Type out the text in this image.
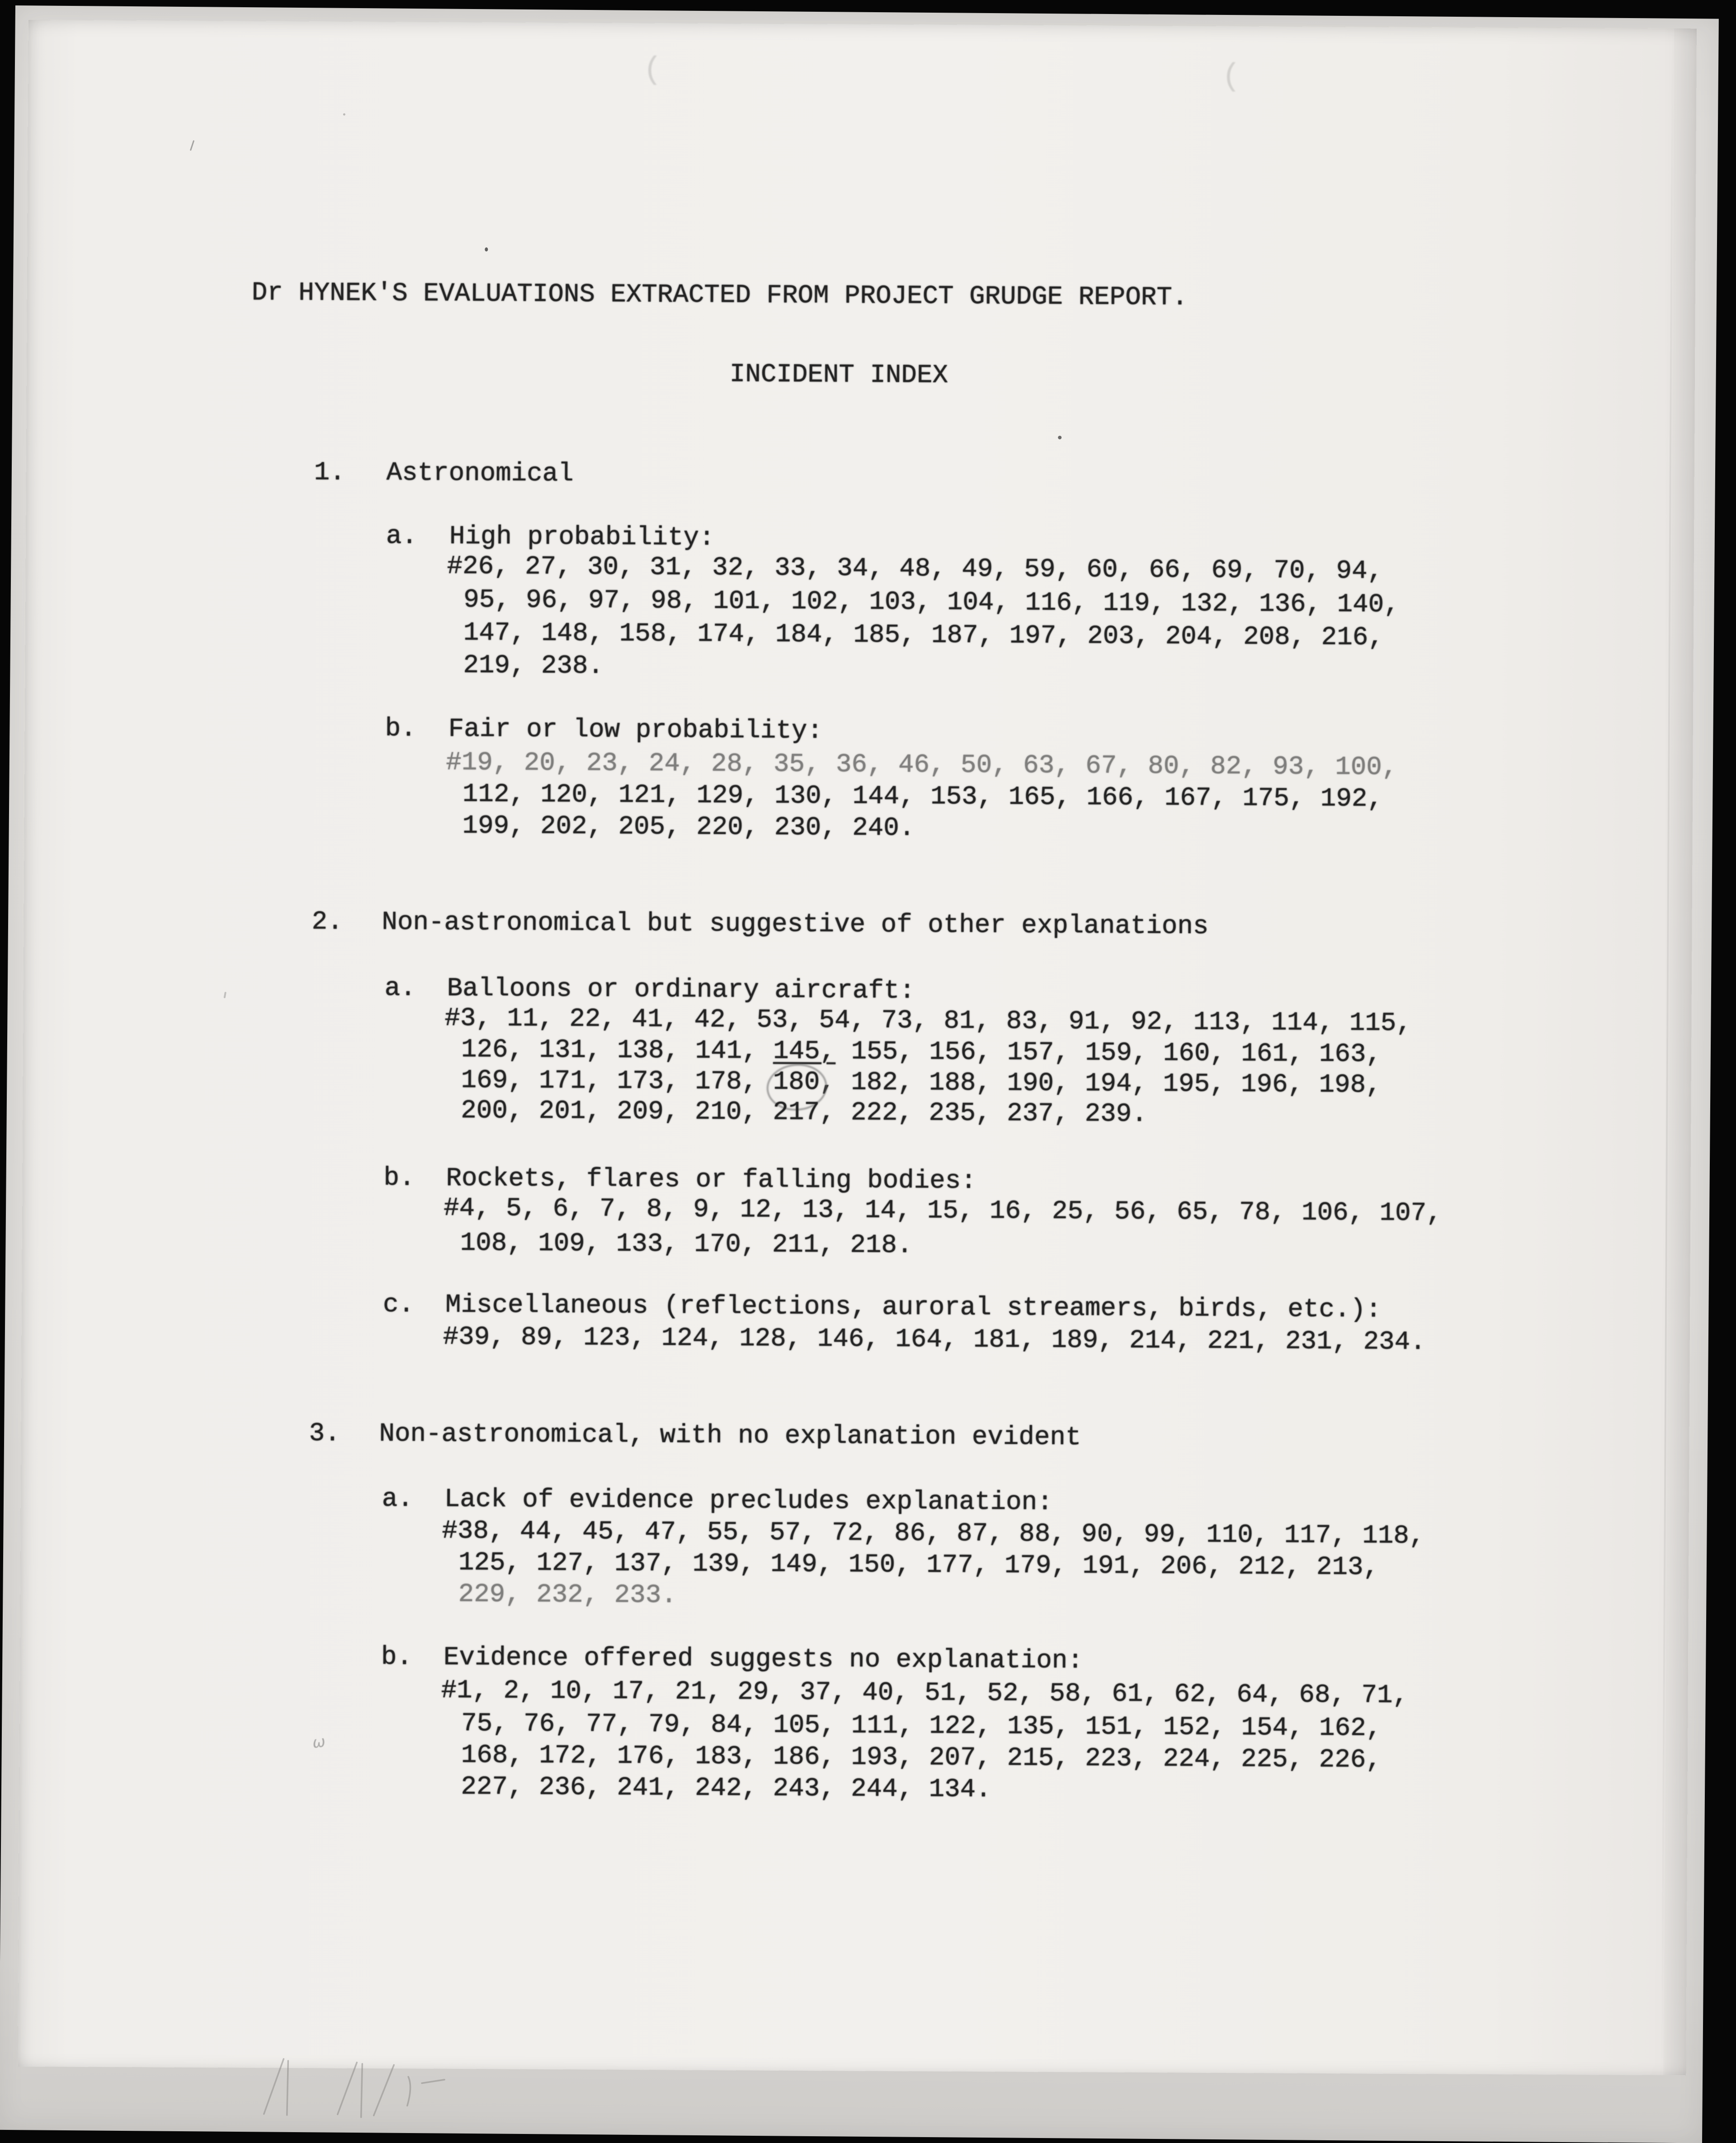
(	(
Dr HYNEK'S EVALUATIONS EXTRACTED FROM PROJECT GRUDGE REPORT.
INCIDENT INDEX
1. Astronomical
a. High probability:
#26, 27, 30, 31, 32, 33, 34, 48, 49, 59, 60, 66, 69, 70, 94,
95, 96, 97, 98, 101, 102, 103, 104, 116, 119, 132, 136, 140,
147, 148, 158, 174, 184, 185, 187, 197, 203, 204, 208, 216,
219, 238.
b. Fair or low probability:
#19, 20, 23, 24, 28, 35, 36, 46, 50, 63, 67, 80, 82, 93, 100,
112, 120, 121, 129, 130, 144, 153, 165, 166, 167, 175, 192,
199, 202, 205, 220, 230, 240.
2. Non-astronomical but suggestive of other explanations
a. Balloons or ordinary aircraft:
#3, 11, 22, 41, 42, 53, 54, 73, 81, 83, 91, 92, 113, 114, 115,
126, 131, 138, 141, 145, 155, 156, 157, 159, 160, 161, 163,
169, 171, 173, 178, 180, 182, 188, 190, 194, 195, 196, 198,
200, 201, 209, 210, 217, 222, 235, 237, 239.
b. Rockets, flares or falling bodies:
#4, 5, 6, 7, 8, 9, 12, 13, 14, 15, 16, 25, 56, 65, 78, 106, 107,
108, 109, 133, 170, 211, 218.
c. Miscellaneous (reflections, auroral streamers, birds, etc.):
#39, 89, 123, 124, 128, 146, 164, 181, 189, 214, 221, 231, 234.
3. Non-astronomical, with no explanation evident
a. Lack of evidence precludes explanation:
#38, 44, 45, 47, 55, 57, 72, 86, 87, 88, 90, 99, 110, 117, 118,
125, 127, 137, 139, 149, 150, 177, 179, 191, 206, 212, 213,
229, 232, 233.
b. Evidence offered suggests no explanation:
#1, 2, 10, 17, 21, 29, 37, 40, 51, 52, 58, 61, 62, 64, 68, 71,
75, 76, 77, 79, 84, 105, 111, 122, 135, 151, 152, 154, 162,
168, 172, 176, 183, 186, 193, 207, 215, 223, 224, 225, 226,
227, 236, 241, 242, 243, 244, 134.
ω
